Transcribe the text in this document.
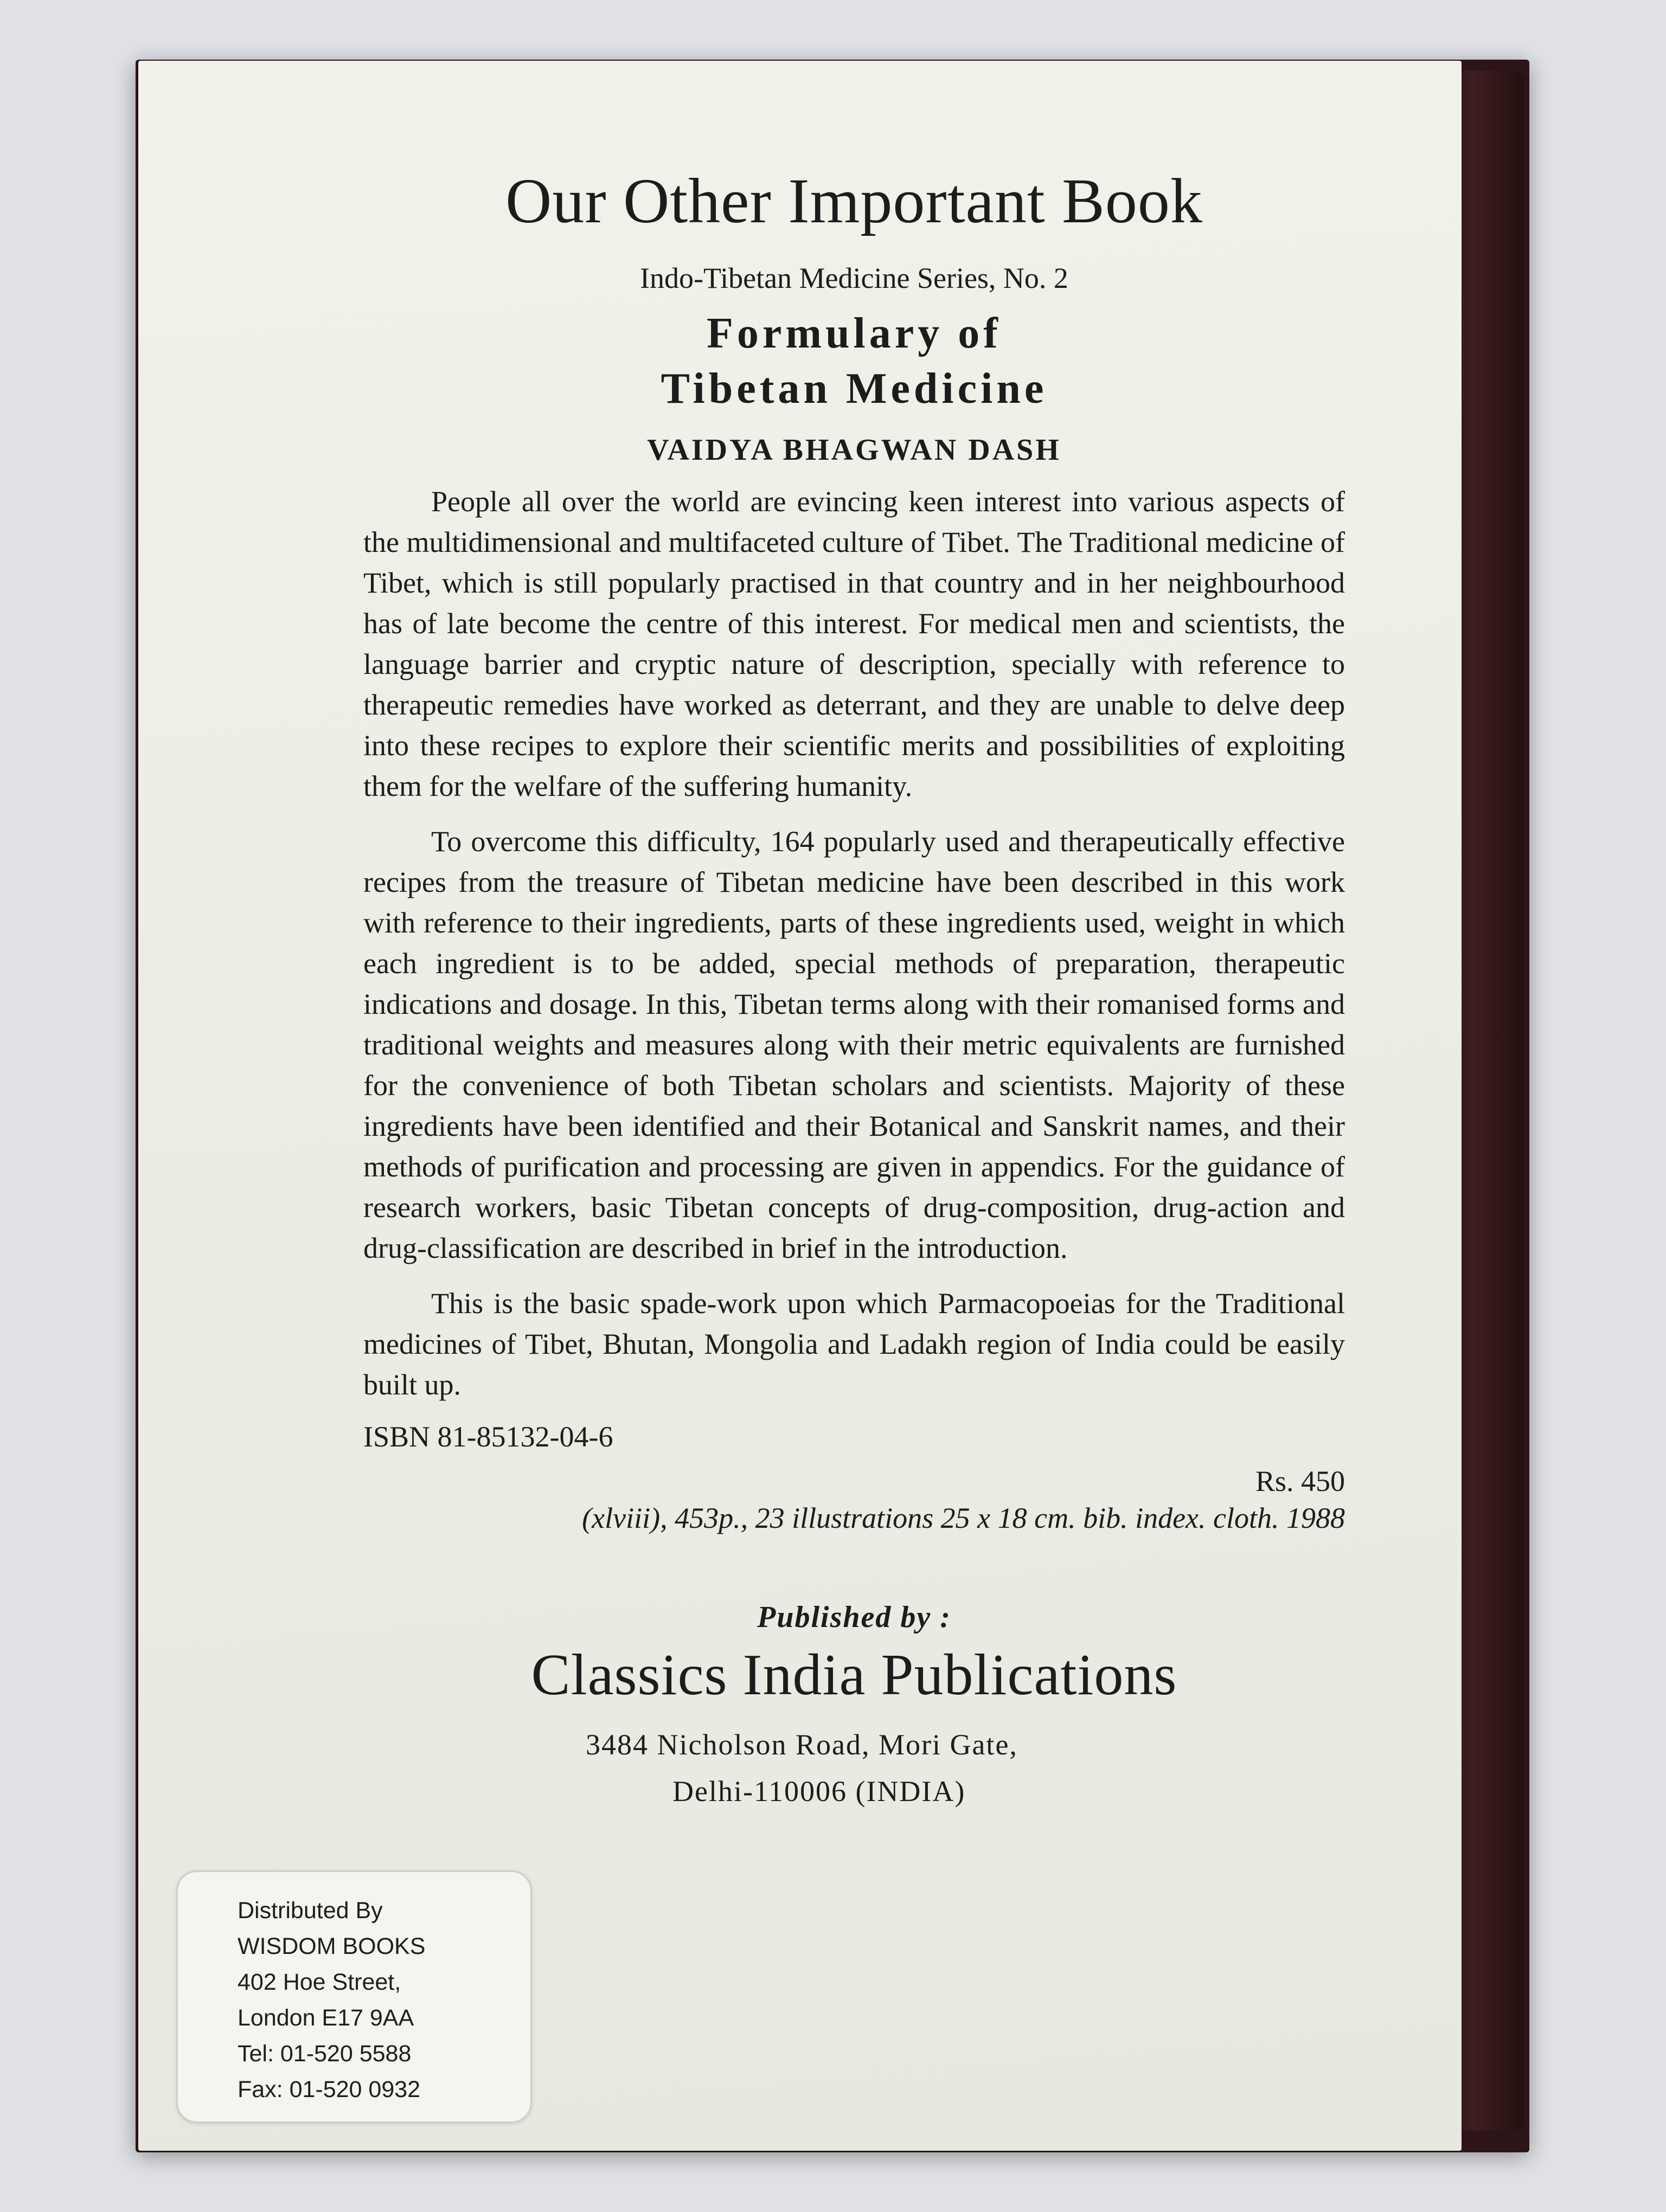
Our Other Important Book
Indo-Tibetan Medicine Series, No. 2
Formulary of
Tibetan Medicine
VAIDYA BHAGWAN DASH

People all over the world are evincing keen interest into various aspects of the multidimensional and multifaceted culture of Tibet. The Traditional medicine of Tibet, which is still popularly practised in that country and in her neighbourhood has of late become the centre of this interest. For medical men and scientists, the language barrier and cryptic nature of description, specially with reference to therapeutic remedies have worked as deterrant, and they are unable to delve deep into these recipes to explore their scientific merits and possibilities of exploiting them for the welfare of the suffering humanity.

To overcome this difficulty, 164 popularly used and therapeutically effective recipes from the treasure of Tibetan medicine have been described in this work with reference to their ingredients, parts of these ingredients used, weight in which each ingredient is to be added, special methods of preparation, therapeutic indications and dosage. In this, Tibetan terms along with their romanised forms and traditional weights and measures along with their metric equivalents are furnished for the convenience of both Tibetan scholars and scientists. Majority of these ingredients have been identified and their Botanical and Sanskrit names, and their methods of purification and processing are given in appendics. For the guidance of research workers, basic Tibetan concepts of drug-composition, drug-action and drug-classification are described in brief in the introduction.

This is the basic spade-work upon which Parmacopoeias for the Traditional medicines of Tibet, Bhutan, Mongolia and Ladakh region of India could be easily built up.

ISBN 81-85132-04-6
Rs. 450
(xlviii), 453p., 23 illustrations 25 x 18 cm. bib. index. cloth. 1988
Published by :
Classics India Publications
3484 Nicholson Road, Mori Gate,
Delhi-110006 (INDIA)
Distributed By
WISDOM BOOKS
402 Hoe Street,
London E17 9AA
Tel: 01-520 5588
Fax: 01-520 0932
